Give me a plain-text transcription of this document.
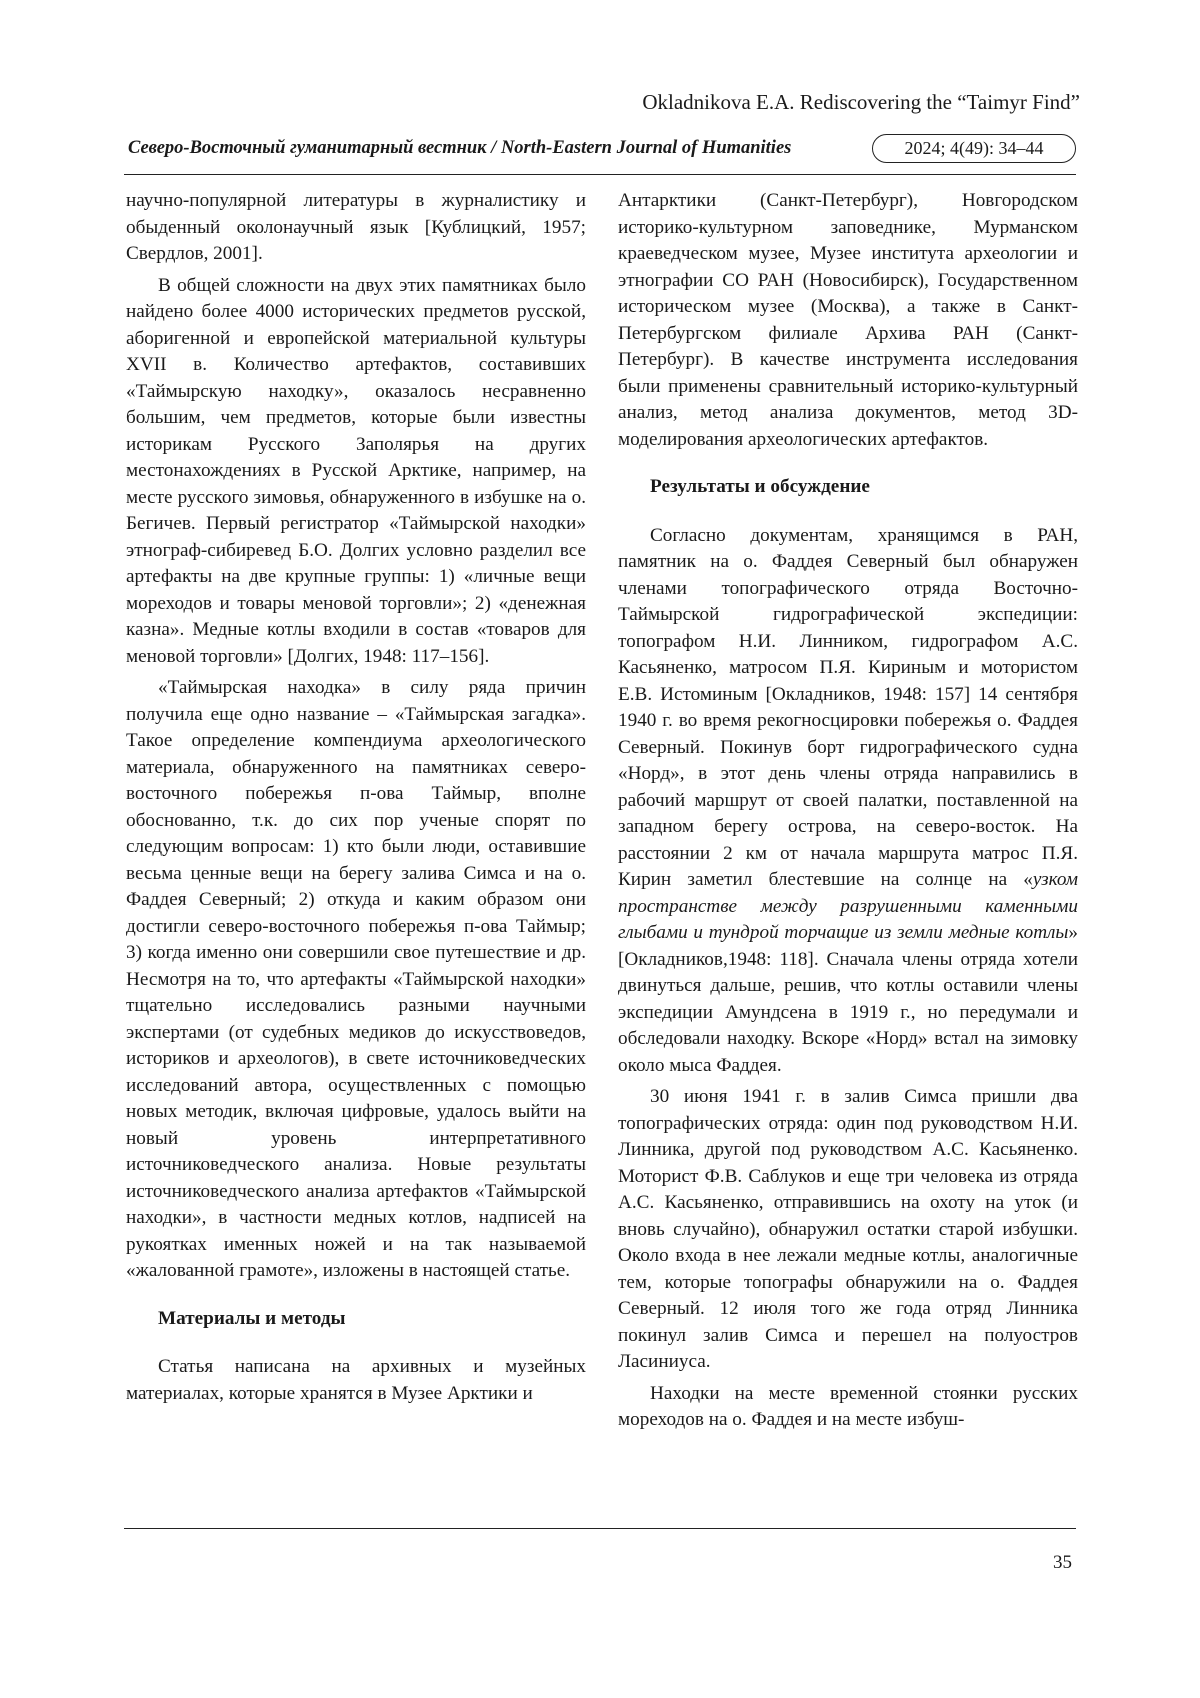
Okladnikova E.A. Rediscovering the “Taimyr Find”
Северо-Восточный гуманитарный вестник / North-Eastern Journal of Humanities	2024; 4(49): 34–44

научно-популярной литературы в журналистику и обыденный околонаучный язык [Кублицкий, 1957; Свердлов, 2001].

В общей сложности на двух этих памятниках было найдено более 4000 исторических предметов русской, аборигенной и европейской материальной культуры XVII в. Количество артефактов, составивших «Таймырскую находку», оказалось несравненно большим, чем предметов, которые были известны историкам Русского Заполярья на других местонахождениях в Русской Арктике, например, на месте русского зимовья, обнаруженного в избушке на о. Бегичев. Первый регистратор «Таймырской находки» этнограф-сибиревед Б.О. Долгих условно разделил все артефакты на две крупные группы: 1) «личные вещи мореходов и товары меновой торговли»; 2) «денежная казна». Медные котлы входили в состав «товаров для меновой торговли» [Долгих, 1948: 117–156].

«Таймырская находка» в силу ряда причин получила еще одно название – «Таймырская загадка». Такое определение компендиума археологического материала, обнаруженного на памятниках северо-восточного побережья п-ова Таймыр, вполне обоснованно, т.к. до сих пор ученые спорят по следующим вопросам: 1) кто были люди, оставившие весьма ценные вещи на берегу залива Симса и на о. Фаддея Северный; 2) откуда и каким образом они достигли северо-восточного побережья п-ова Таймыр; 3) когда именно они совершили свое путешествие и др. Несмотря на то, что артефакты «Таймырской находки» тщательно исследовались разными научными экспертами (от судебных медиков до искусствоведов, историков и археологов), в свете источниковедческих исследований автора, осуществленных с помощью новых методик, включая цифровые, удалось выйти на новый уровень интерпретативного источниковедческого анализа. Новые результаты источниковедческого анализа артефактов «Таймырской находки», в частности медных котлов, надписей на рукоятках именных ножей и на так называемой «жалованной грамоте», изложены в настоящей статье.

Материалы и методы

Статья написана на архивных и музейных материалах, которые хранятся в Музее Арктики и

Антарктики (Санкт-Петербург), Новгородском историко-культурном заповеднике, Мурманском краеведческом музее, Музее института археологии и этнографии СО РАН (Новосибирск), Государственном историческом музее (Москва), а также в Санкт-Петербургском филиале Архива РАН (Санкт-Петербург). В качестве инструмента исследования были применены сравнительный историко-культурный анализ, метод анализа документов, метод 3D-моделирования археологических артефактов.

Результаты и обсуждение

Согласно документам, хранящимся в РАН, памятник на о. Фаддея Северный был обнаружен членами топографического отряда Восточно-Таймырской гидрографической экспедиции: топографом Н.И. Линником, гидрографом А.С. Касьяненко, матросом П.Я. Кириным и мотористом Е.В. Истоминым [Окладников, 1948: 157] 14 сентября 1940 г. во время рекогносцировки побережья о. Фаддея Северный. Покинув борт гидрографического судна «Норд», в этот день члены отряда направились в рабочий маршрут от своей палатки, поставленной на западном берегу острова, на северо-восток. На расстоянии 2 км от начала маршрута матрос П.Я. Кирин заметил блестевшие на солнце на «узком пространстве между разрушенными каменными глыбами и тундрой торчащие из земли медные котлы» [Окладников,1948: 118]. Сначала члены отряда хотели двинуться дальше, решив, что котлы оставили члены экспедиции Амундсена в 1919 г., но передумали и обследовали находку. Вскоре «Норд» встал на зимовку около мыса Фаддея.

30 июня 1941 г. в залив Симса пришли два топографических отряда: один под руководством Н.И. Линника, другой под руководством А.С. Касьяненко. Моторист Ф.В. Саблуков и еще три человека из отряда А.С. Касьяненко, отправившись на охоту на уток (и вновь случайно), обнаружил остатки старой избушки. Около входа в нее лежали медные котлы, аналогичные тем, которые топографы обнаружили на о. Фаддея Северный. 12 июля того же года отряд Линника покинул залив Симса и перешел на полуостров Ласиниуса.

Находки на месте временной стоянки русских мореходов на о. Фаддея и на месте избуш-

35
